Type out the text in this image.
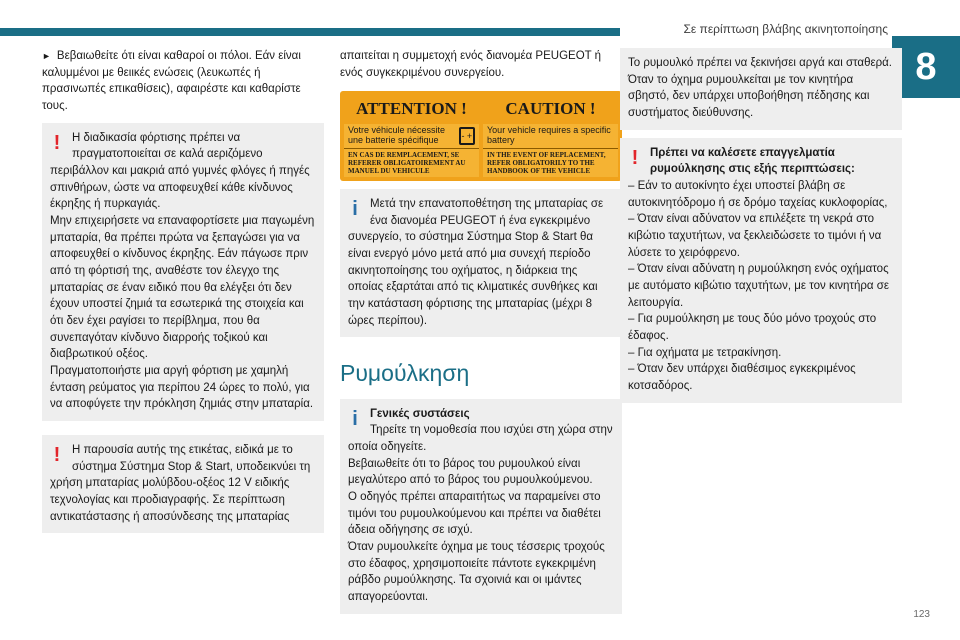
Σε περίπτωση βλάβης ακινητοποίησης
8

► Βεβαιωθείτε ότι είναι καθαροί οι πόλοι. Εάν είναι καλυμμένοι με θειικές ενώσεις (λευκωπές ή πρασινωπές επικαθίσεις), αφαιρέστε και καθαρίστε τους.

!	Η διαδικασία φόρτισης πρέπει να πραγματοποιείται σε καλά αεριζόμενο περιβάλλον και μακριά από γυμνές φλόγες ή πηγές σπινθήρων, ώστε να αποφευχθεί κάθε κίνδυνος έκρηξης ή πυρκαγιάς.
Μην επιχειρήσετε να επαναφορτίσετε μια παγωμένη μπαταρία, θα πρέπει πρώτα να ξεπαγώσει για να αποφευχθεί ο κίνδυνος έκρηξης. Εάν πάγωσε πριν από τη φόρτισή της, αναθέστε τον έλεγχο της μπαταρίας σε έναν ειδικό που θα ελέγξει ότι δεν έχουν υποστεί ζημιά τα εσωτερικά της στοιχεία και ότι δεν έχει ραγίσει το περίβλημα, που θα συνεπαγόταν κίνδυνο διαρροής τοξικού και διαβρωτικού οξέος.
Πραγματοποιήστε μια αργή φόρτιση με χαμηλή ένταση ρεύματος για περίπου 24 ώρες το πολύ, για να αποφύγετε την πρόκληση ζημιάς στην μπαταρία.

!	Η παρουσία αυτής της ετικέτας, ειδικά με το σύστημα Σύστημα Stop & Start, υποδεικνύει τη χρήση μπαταρίας μολύβδου-οξέος 12 V ειδικής τεχνολογίας και προδιαγραφής. Σε περίπτωση αντικατάστασης ή αποσύνδεσης της μπαταρίας

απαιτείται η συμμετοχή ενός διανομέα PEUGEOT ή ενός συγκεκριμένου συνεργείου.

ATTENTION !
Votre véhicule nécessite une batterie spécifique	- +
EN CAS DE REMPLACEMENT, SE REFERER OBLIGATOIREMENT AU MANUEL DU VEHICULE
CAUTION !
Your vehicle requires a specific battery
IN THE EVENT OF REPLACEMENT, REFER OBLIGATORILY TO THE HANDBOOK OF THE VEHICLE
i	Μετά την επανατοποθέτηση της μπαταρίας σε ένα διανομέα PEUGEOT ή ένα εγκεκριμένο συνεργείο, το σύστημα Σύστημα Stop & Start θα είναι ενεργό μόνο μετά από μια συνεχή περίοδο ακινητοποίησης του οχήματος, η διάρκεια της οποίας εξαρτάται από τις κλιματικές συνθήκες και την κατάσταση φόρτισης της μπαταρίας (μέχρι 8 ώρες περίπου).

Ρυμούλκηση
i	Γενικές συστάσεις

Τηρείτε τη νομοθεσία που ισχύει στη χώρα στην οποία οδηγείτε.
Βεβαιωθείτε ότι το βάρος του ρυμουλκού είναι μεγαλύτερο από το βάρος του ρυμουλκούμενου.
Ο οδηγός πρέπει απαραιτήτως να παραμείνει στο τιμόνι του ρυμουλκούμενου και πρέπει να διαθέτει άδεια οδήγησης σε ισχύ.
Όταν ρυμουλκείτε όχημα με τους τέσσερις τροχούς στο έδαφος, χρησιμοποιείτε πάντοτε εγκεκριμένη ράβδο ρυμούλκησης. Τα σχοινιά και οι ιμάντες απαγορεύονται.

Το ρυμουλκό πρέπει να ξεκινήσει αργά και σταθερά.
Όταν το όχημα ρυμουλκείται με τον κινητήρα σβηστό, δεν υπάρχει υποβοήθηση πέδησης και συστήματος διεύθυνσης.

!	Πρέπει να καλέσετε επαγγελματία ρυμούλκησης στις εξής περιπτώσεις:

– Εάν το αυτοκίνητο έχει υποστεί βλάβη σε αυτοκινητόδρομο ή σε δρόμο ταχείας κυκλοφορίας,
– Όταν είναι αδύνατον να επιλέξετε τη νεκρά στο κιβώτιο ταχυτήτων, να ξεκλειδώσετε το τιμόνι ή να λύσετε το χειρόφρενο.
– Όταν είναι αδύνατη η ρυμούλκηση ενός οχήματος με αυτόματο κιβώτιο ταχυτήτων, με τον κινητήρα σε λειτουργία.
– Για ρυμούλκηση με τους δύο μόνο τροχούς στο έδαφος.
– Για οχήματα με τετρακίνηση.
– Όταν δεν υπάρχει διαθέσιμος εγκεκριμένος κοτσαδόρος.

123
